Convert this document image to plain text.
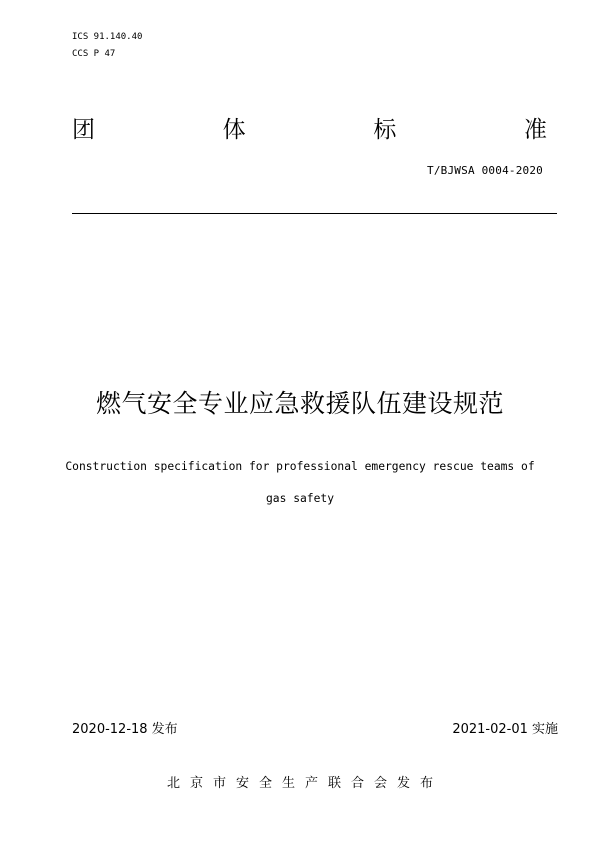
ICS 91.140.40
CCS P 47
团	体	标	准
T/BJWSA 0004-2020
燃气安全专业应急救援队伍建设规范
Construction specification for professional emergency rescue teams of
gas safety
2020-12-18 发布	2021-02-01 实施
北京市安全生产联合会发布
